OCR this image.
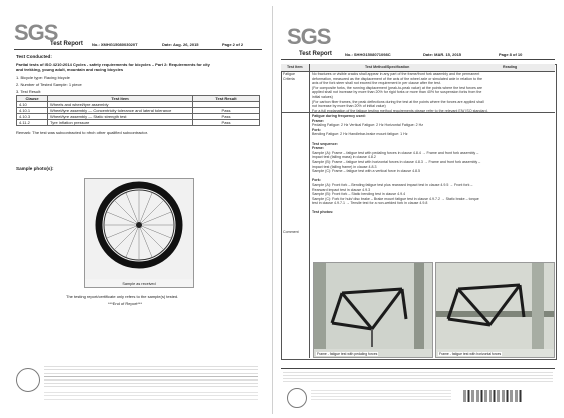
SGS
Test Report No.: XMHG1508003020T	Date: Aug. 26, 2015	Page 2 of 2
Test Conducted:
Partial tests of ISO 4210:2014 Cycles - safety requirements for bicycles – Part 2: Requirements for city
and trekking, young adult, mountain and racing bicycles
1. Bicycle type: Racing bicycle
2. Number of Tested Sample: 1 piece
3. Test Result:
Clause	Test Item	Test Result
4.10	Wheels and wheel/tyre assembly	
4.10.1	Wheel/tyre assembly — Concentricity tolerance and lateral tolerance	Pass
4.10.3	Wheel/tyre assembly — Static strength test	Pass
4.11.2	Tyre inflation pressure	Pass
Remark: The test was subcontracted to nfrch other qualified subcontractor.
Sample photo(s):
Sample as received
The testing report/certificate only refers to the sample(s) tested.
***End of Report***
SGS
Test Report	No.: SHHG1508071098C	Date: MAR. 15, 2015	Page 8 of 10
Test Item	Test Method/Specification	Reading
Fatigue
Criteria
No fractures or visible cracks shall appear in any part of the frame/front fork assembly and the permanent
deformation, measured as the displacement of the axis of the wheel axle or simulated axle in relation to the
axis of the fork steer shall not exceed the requirement in per clause after the test.
(For composite forks, the running displacement (peak-to-peak value) at the points where the test forces are
applied shall not increase by more than 20% for rigid forks or more than 40% for suspension forks from the
initial values)
(For carbon fiber frames, the peak deflections during the test at the points where the forces are applied shall
not increase by more than 20% of initial value)
For a full explanation of the fatigue testing method requirements please refer to the relevant EN/ ISO standard.
Comment
Fatigue during frequency used:
Frame:
Pedaling Fatigue: 2 Hz Vertical Fatigue: 2 Hz Horizontal Fatigue: 2 Hz
Fork:
Bending Fatigue: 2 Hz Handlebar-brake mount fatigue: 1 Hz
Test sequence:
Frame:
Sample (A): Frame – fatigue test with pedaling forces in clause 4.8.4 → Frame and front fork assembly –
impact test (falling mass) in clause 4.8.2
Sample (B): Frame – fatigue test with horizontal forces in clause 4.8.3 → Frame and front fork assembly –
impact test (falling frame) in clause 4.8.3
Sample (C): Frame – fatigue test with a vertical force in clause 4.8.5
Fork:
Sample (A): Front fork – Bending fatigue test plus rearward impact test in clause 4.9.5 → Front fork –
Rearward impact test in clause 4.9.3
Sample (B): Front fork – Static bending test in clause 4.9.4
Sample (C): Fork for hub/ disc brake – Brake mount fatigue test in clause 4.9.7.2 → Static brake – torque
test in clause 4.9.7.1 → Tensile test for a non-welded fork in clause 4.9.8
Test photos:
Frame - fatigue test with pedaling forces	Frame - fatigue test with horizontal forces
